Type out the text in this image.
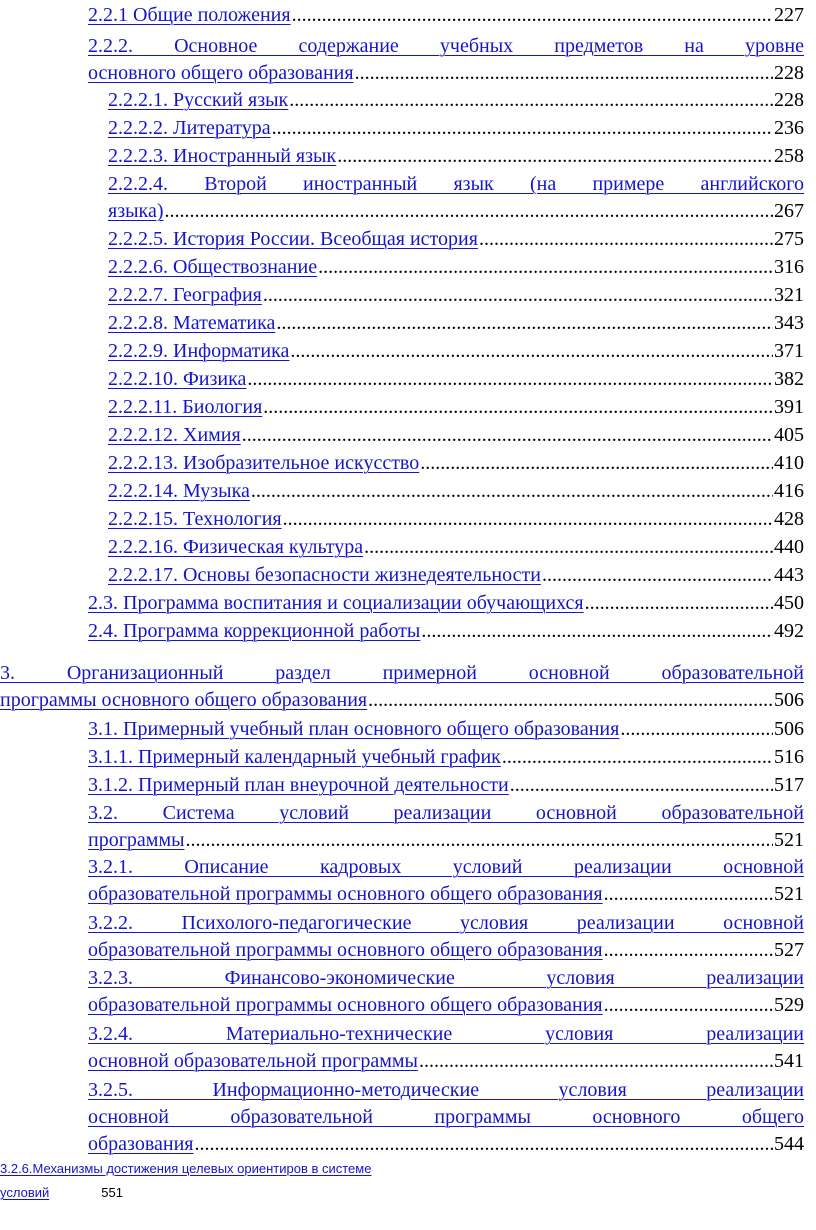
2.2.1 Общие положения .....	227
2.2.2. Основное содержание учебных предметов на уровне
основного общего образования .....	228
2.2.2.1. Русский язык .....	228
2.2.2.2. Литература .....	236
2.2.2.3. Иностранный язык .....	258
2.2.2.4. Второй иностранный язык (на примере английского
языка) .....	267
2.2.2.5. История России. Всеобщая история .....	275
2.2.2.6. Обществознание .....	316
2.2.2.7. География .....	321
2.2.2.8. Математика .....	343
2.2.2.9. Информатика .....	371
2.2.2.10. Физика .....	382
2.2.2.11. Биология .....	391
2.2.2.12. Химия .....	405
2.2.2.13. Изобразительное искусство .....	410
2.2.2.14. Музыка .....	416
2.2.2.15. Технология .....	428
2.2.2.16. Физическая культура .....	440
2.2.2.17. Основы безопасности жизнедеятельности .....	443
2.3. Программа воспитания и социализации обучающихся .....	450
2.4. Программа коррекционной работы .....	492
3. Организационный раздел примерной основной образовательной
программы основного общего образования .....	506
3.1. Примерный учебный план основного общего образования .....	506
3.1.1. Примерный календарный учебный график .....	516
3.1.2. Примерный план внеурочной деятельности .....	517
3.2. Система условий реализации основной образовательной
программы .....	521
3.2.1. Описание кадровых условий реализации основной
образовательной программы основного общего образования .....	521
3.2.2. Психолого-педагогические условия реализации основной
образовательной программы основного общего образования .....	527
3.2.3. Финансово-экономические условия реализации
образовательной программы основного общего образования .....	529
3.2.4. Материально-технические условия реализации
основной образовательной программы .....	541
3.2.5. Информационно-методические условия реализации
основной образовательной программы основного общего
образования .....	544
3.2.6.Механизмы достижения целевых ориентиров в системе
условий	551
